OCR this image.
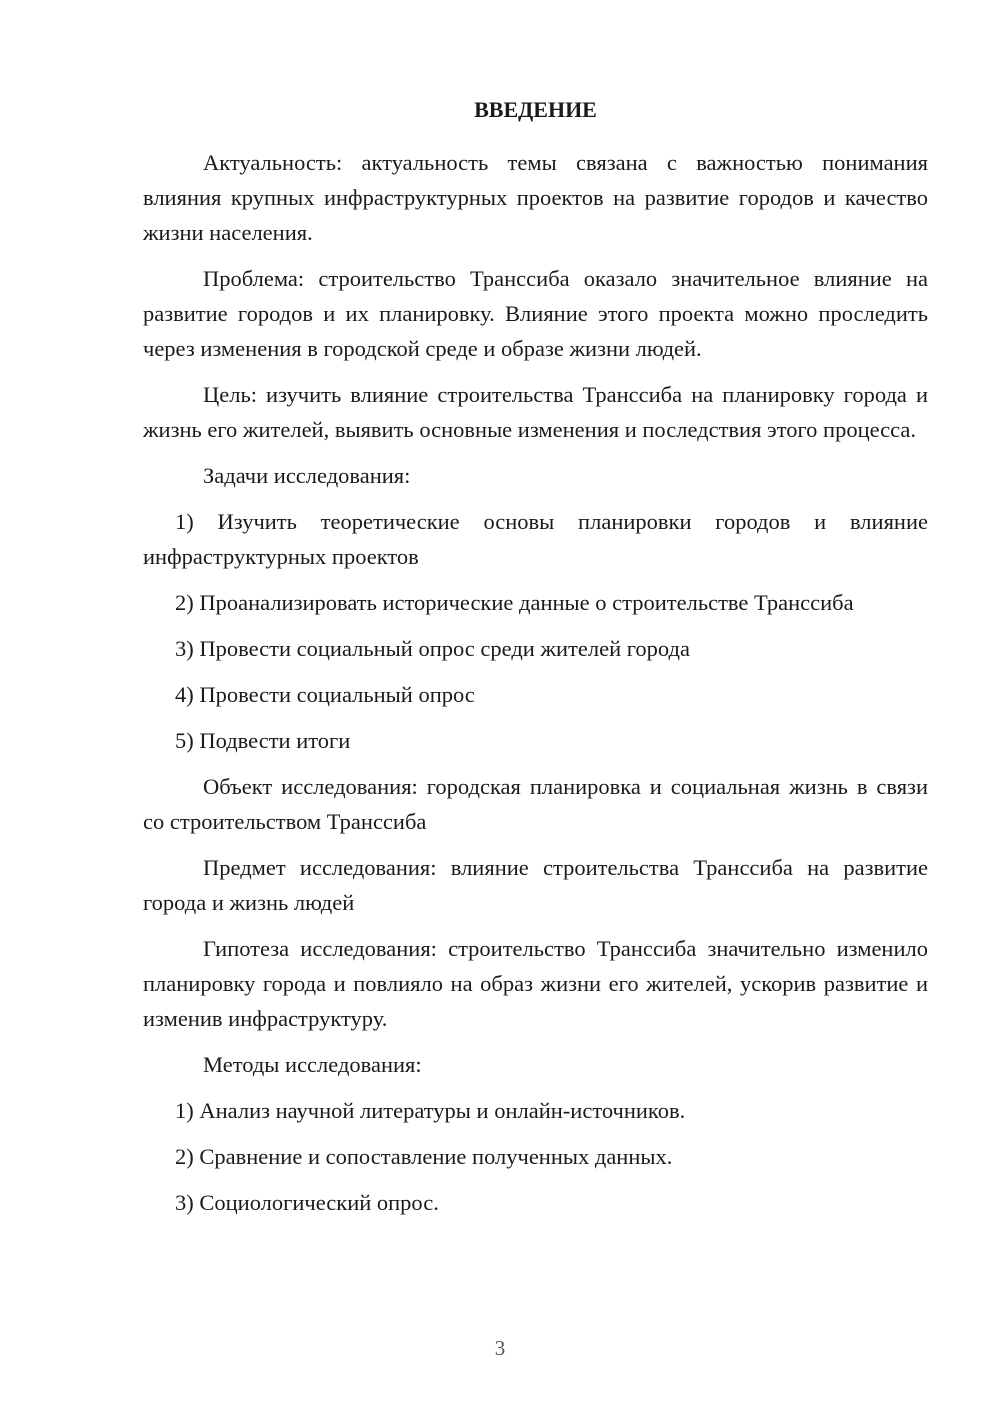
ВВЕДЕНИЕ

Актуальность: актуальность темы связана с важностью понимания влияния крупных инфраструктурных проектов на развитие городов и качество жизни населения.

Проблема: строительство Транссиба оказало значительное влияние на развитие городов и их планировку. Влияние этого проекта можно проследить через изменения в городской среде и образе жизни людей.

Цель: изучить влияние строительства Транссиба на планировку города и жизнь его жителей, выявить основные изменения и последствия этого процесса.

Задачи исследования:

1) Изучить теоретические основы планировки городов и влияние инфраструктурных проектов

2) Проанализировать исторические данные о строительстве Транссиба

3) Провести социальный опрос среди жителей города

4) Провести социальный опрос

5) Подвести итоги

Объект исследования: городская планировка и социальная жизнь в связи со строительством Транссиба

Предмет исследования: влияние строительства Транссиба на развитие города и жизнь людей

Гипотеза исследования: строительство Транссиба значительно изменило планировку города и повлияло на образ жизни его жителей, ускорив развитие и изменив инфраструктуру.

Методы исследования:

1) Анализ научной литературы и онлайн-источников.

2) Сравнение и сопоставление полученных данных.

3) Социологический опрос.

3
